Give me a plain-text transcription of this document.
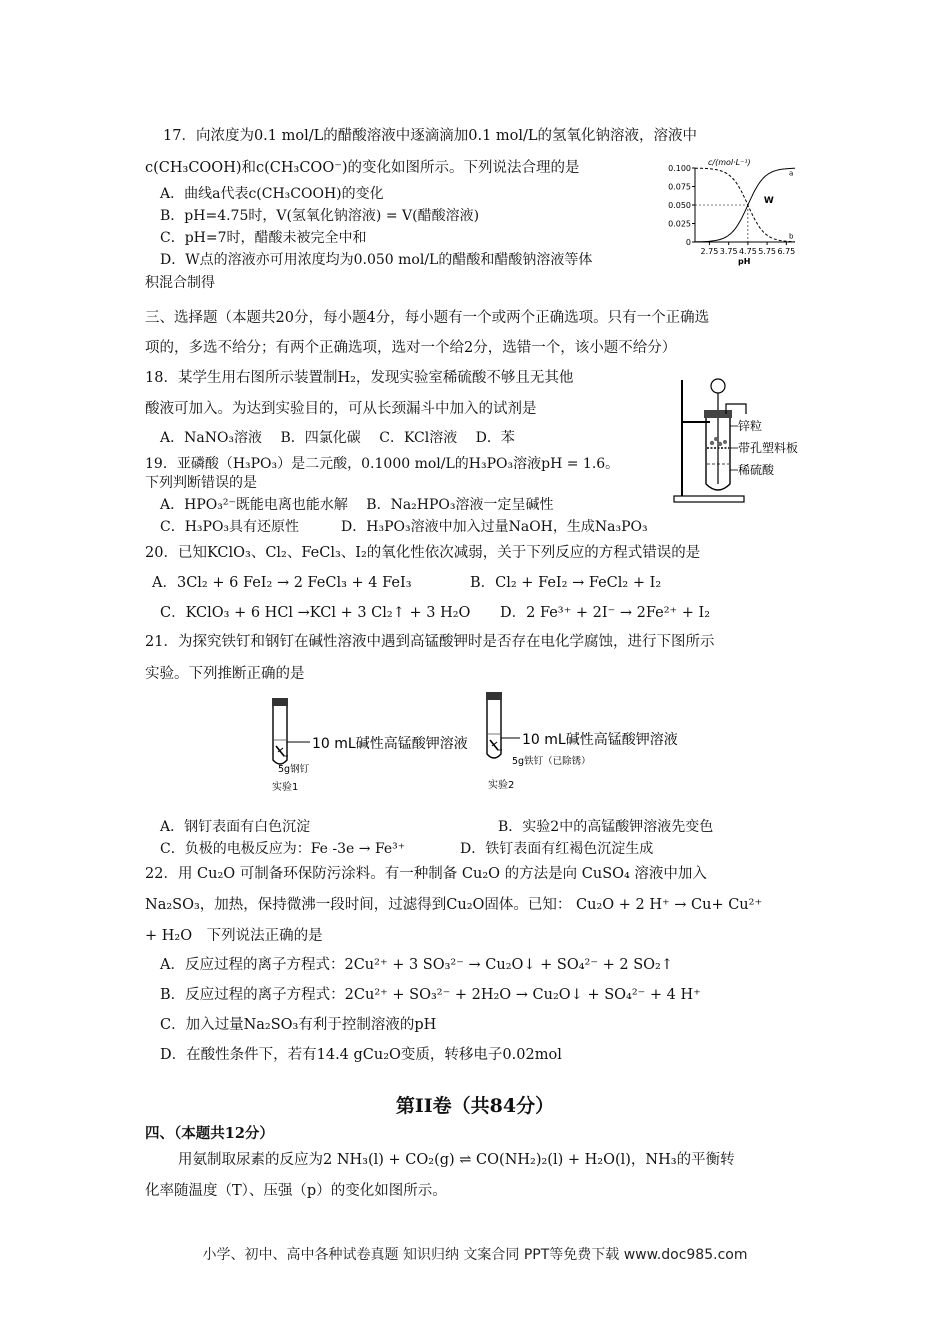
17．向浓度为0.1 mol/L的醋酸溶液中逐滴滴加0.1 mol/L的氢氧化钠溶液，溶液中
c(CH₃COOH)和c(CH₃COO⁻)的变化如图所示。下列说法合理的是
A．曲线a代表c(CH₃COOH)的变化
B．pH=4.75时，V(氢氧化钠溶液) = V(醋酸溶液)
C．pH=7时，醋酸未被完全中和
D．W点的溶液亦可用浓度均为0.050 mol/L的醋酸和醋酸钠溶液等体
积混合制得
c/(mol·L⁻¹)
0
0.025
0.050
0.075
0.100
2.75 3.75 4.75 5.75 6.75
a
b
W
pH
三、选择题（本题共20分，每小题4分，每小题有一个或两个正确选项。只有一个正确选
项的，多选不给分；有两个正确选项，选对一个给2分，选错一个，该小题不给分）
18．某学生用右图所示装置制H₂，发现实验室稀硫酸不够且无其他
酸液可加入。为达到实验目的，可从长颈漏斗中加入的试剂是
A．NaNO₃溶液　 B．四氯化碳　 C．KCl溶液　 D．苯
锌粒
带孔塑料板
稀硫酸
19．亚磷酸（H₃PO₃）是二元酸，0.1000 mol/L的H₃PO₃溶液pH = 1.6。
下列判断错误的是
A．HPO₃²⁻既能电离也能水解　 B．Na₂HPO₃溶液一定呈碱性
C．H₃PO₃具有还原性　　　D．H₃PO₃溶液中加入过量NaOH，生成Na₃PO₃
20．已知KClO₃、Cl₂、FeCl₃、I₂的氧化性依次减弱，关于下列反应的方程式错误的是
A．3Cl₂ + 6 FeI₂ → 2 FeCl₃ + 4 FeI₃	B．Cl₂ + FeI₂ → FeCl₂ + I₂
C．KClO₃ + 6 HCl →KCl + 3 Cl₂↑ + 3 H₂O D．2 Fe³⁺ + 2I⁻ → 2Fe²⁺ + I₂
21．为探究铁钉和钢钉在碱性溶液中遇到高锰酸钾时是否存在电化学腐蚀，进行下图所示
实验。下列推断正确的是
10 mL碱性高锰酸钾溶液
5g钢钉
实验1
10 mL碱性高锰酸钾溶液
5g铁钉（已除锈）
实验2
A．钢钉表面有白色沉淀	B．实验2中的高锰酸钾溶液先变色
C．负极的电极反应为：Fe -3e → Fe³⁺	D．铁钉表面有红褐色沉淀生成
22．用 Cu₂O 可制备环保防污涂料。有一种制备 Cu₂O 的方法是向 CuSO₄ 溶液中加入
Na₂SO₃，加热，保持微沸一段时间，过滤得到Cu₂O固体。已知： Cu₂O + 2 H⁺ → Cu+ Cu²⁺
+ H₂O　下列说法正确的是
A．反应过程的离子方程式：2Cu²⁺ + 3 SO₃²⁻ → Cu₂O↓ + SO₄²⁻ + 2 SO₂↑
B．反应过程的离子方程式：2Cu²⁺ + SO₃²⁻ + 2H₂O → Cu₂O↓ + SO₄²⁻ + 4 H⁺
C．加入过量Na₂SO₃有利于控制溶液的pH
D．在酸性条件下，若有14.4 gCu₂O变质，转移电子0.02mol
第II卷（共84分）
四、（本题共12分）
用氨制取尿素的反应为2 NH₃(l) + CO₂(g) ⇌ CO(NH₂)₂(l) + H₂O(l)，NH₃的平衡转
化率随温度（T）、压强（p）的变化如图所示。
小学、初中、高中各种试卷真题 知识归纳 文案合同 PPT等免费下载 www.doc985.com
